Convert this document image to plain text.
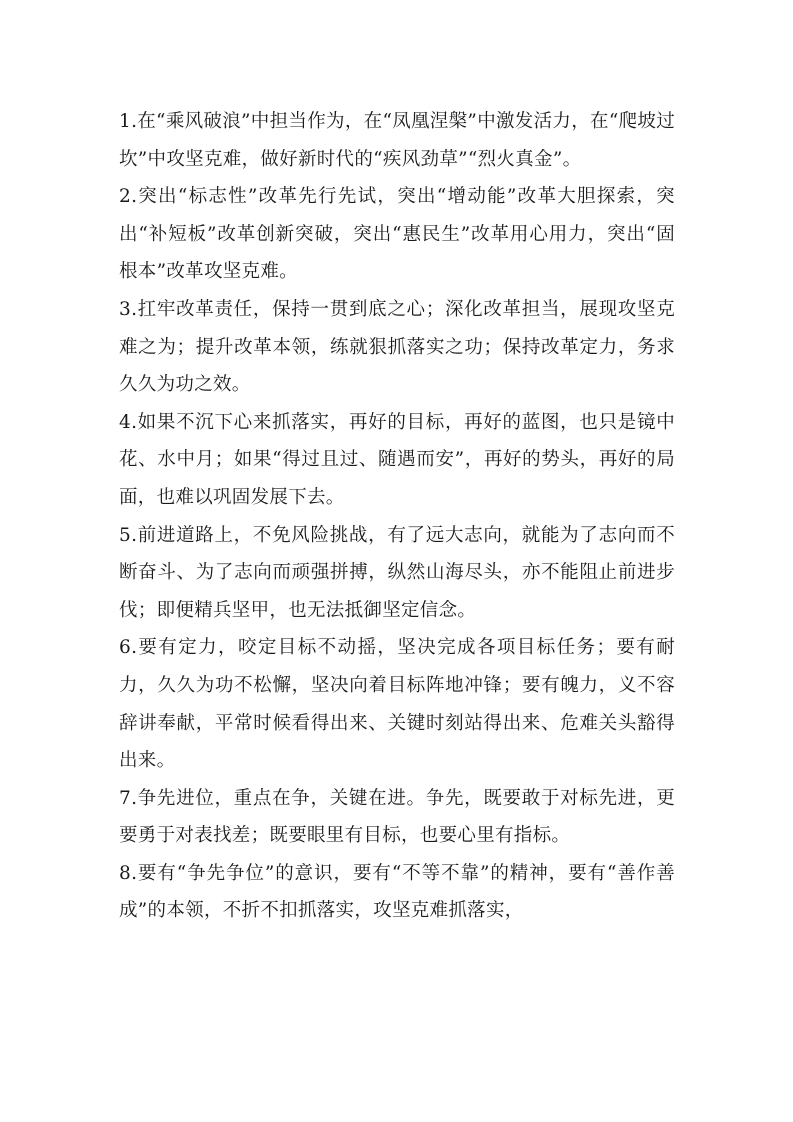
1.在“乘风破浪”中担当作为，在“凤凰涅槃”中激发活力，在“爬坡过坎”中攻坚克难，做好新时代的“疾风劲草”“烈火真金”。

2.突出“标志性”改革先行先试，突出“增动能”改革大胆探索，突出“补短板”改革创新突破，突出“惠民生”改革用心用力，突出“固根本”改革攻坚克难。

3.扛牢改革责任，保持一贯到底之心；深化改革担当，展现攻坚克难之为；提升改革本领，练就狠抓落实之功；保持改革定力，务求久久为功之效。

4.如果不沉下心来抓落实，再好的目标，再好的蓝图，也只是镜中花、水中月；如果“得过且过、随遇而安”，再好的势头，再好的局面，也难以巩固发展下去。

5.前进道路上，不免风险挑战，有了远大志向，就能为了志向而不断奋斗、为了志向而顽强拼搏，纵然山海尽头，亦不能阻止前进步伐；即便精兵坚甲，也无法抵御坚定信念。

6.要有定力，咬定目标不动摇，坚决完成各项目标任务；要有耐力，久久为功不松懈，坚决向着目标阵地冲锋；要有魄力，义不容辞讲奉献，平常时候看得出来、关键时刻站得出来、危难关头豁得出来。

7.争先进位，重点在争，关键在进。争先，既要敢于对标先进，更要勇于对表找差；既要眼里有目标，也要心里有指标。

8.要有“争先争位”的意识，要有“不等不靠”的精神，要有“善作善成”的本领，不折不扣抓落实，攻坚克难抓落实，
